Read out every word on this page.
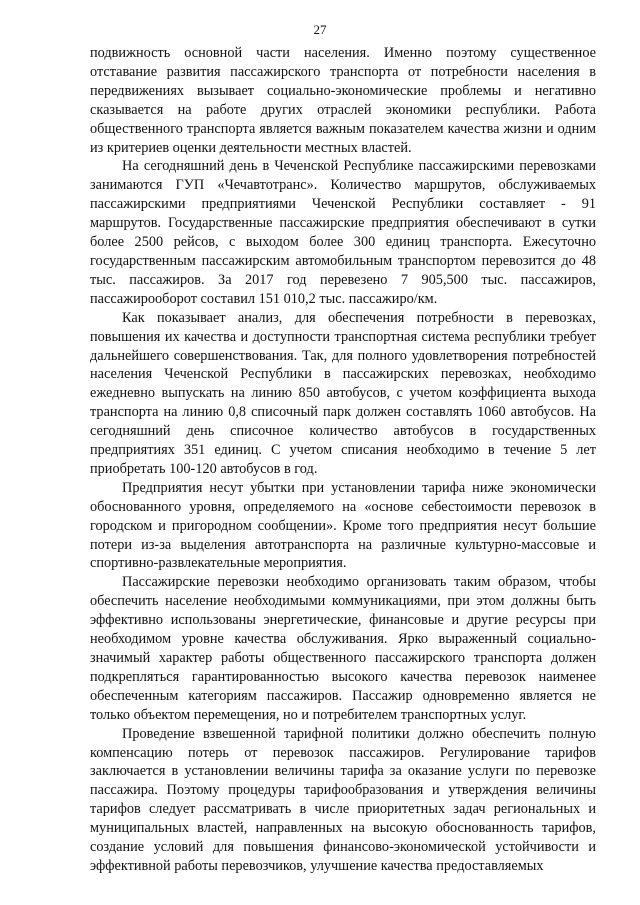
27

подвижность основной части населения. Именно поэтому существенное отставание развития пассажирского транспорта от потребности населения в передвижениях вызывает социально-экономические проблемы и негативно сказывается на работе других отраслей экономики республики. Работа общественного транспорта является важным показателем качества жизни и одним из критериев оценки деятельности местных властей.

На сегодняшний день в Чеченской Республике пассажирскими перевозками занимаются ГУП «Чечавтотранс». Количество маршрутов, обслуживаемых пассажирскими предприятиями Чеченской Республики составляет - 91 маршрутов. Государственные пассажирские предприятия обеспечивают в сутки более 2500 рейсов, с выходом более 300 единиц транспорта. Ежесуточно государственным пассажирским автомобильным транспортом перевозится до 48 тыс. пассажиров. За 2017 год перевезено 7 905,500 тыс. пассажиров, пассажирооборот составил 151 010,2 тыс. пассажиро/км.

Как показывает анализ, для обеспечения потребности в перевозках, повышения их качества и доступности транспортная система республики требует дальнейшего совершенствования. Так, для полного удовлетворения потребностей населения Чеченской Республики в пассажирских перевозках, необходимо ежедневно выпускать на линию 850 автобусов, с учетом коэффициента выхода транспорта на линию 0,8 списочный парк должен составлять 1060 автобусов. На сегодняшний день списочное количество автобусов в государственных предприятиях 351 единиц. С учетом списания необходимо в течение 5 лет приобретать 100-120 автобусов в год.

Предприятия несут убытки при установлении тарифа ниже экономически обоснованного уровня, определяемого на «основе себестоимости перевозок в городском и пригородном сообщении». Кроме того предприятия несут большие потери из-за выделения автотранспорта на различные культурно-массовые и спортивно-развлекательные мероприятия.

Пассажирские перевозки необходимо организовать таким образом, чтобы обеспечить население необходимыми коммуникациями, при этом должны быть эффективно использованы энергетические, финансовые и другие ресурсы при необходимом уровне качества обслуживания. Ярко выраженный социально-значимый характер работы общественного пассажирского транспорта должен подкрепляться гарантированностью высокого качества перевозок наименее обеспеченным категориям пассажиров. Пассажир одновременно является не только объектом перемещения, но и потребителем транспортных услуг.

Проведение взвешенной тарифной политики должно обеспечить полную компенсацию потерь от перевозок пассажиров. Регулирование тарифов заключается в установлении величины тарифа за оказание услуги по перевозке пассажира. Поэтому процедуры тарифообразования и утверждения величины тарифов следует рассматривать в числе приоритетных задач региональных и муниципальных властей, направленных на высокую обоснованность тарифов, создание условий для повышения финансово-экономической устойчивости и эффективной работы перевозчиков, улучшение качества предоставляемых
